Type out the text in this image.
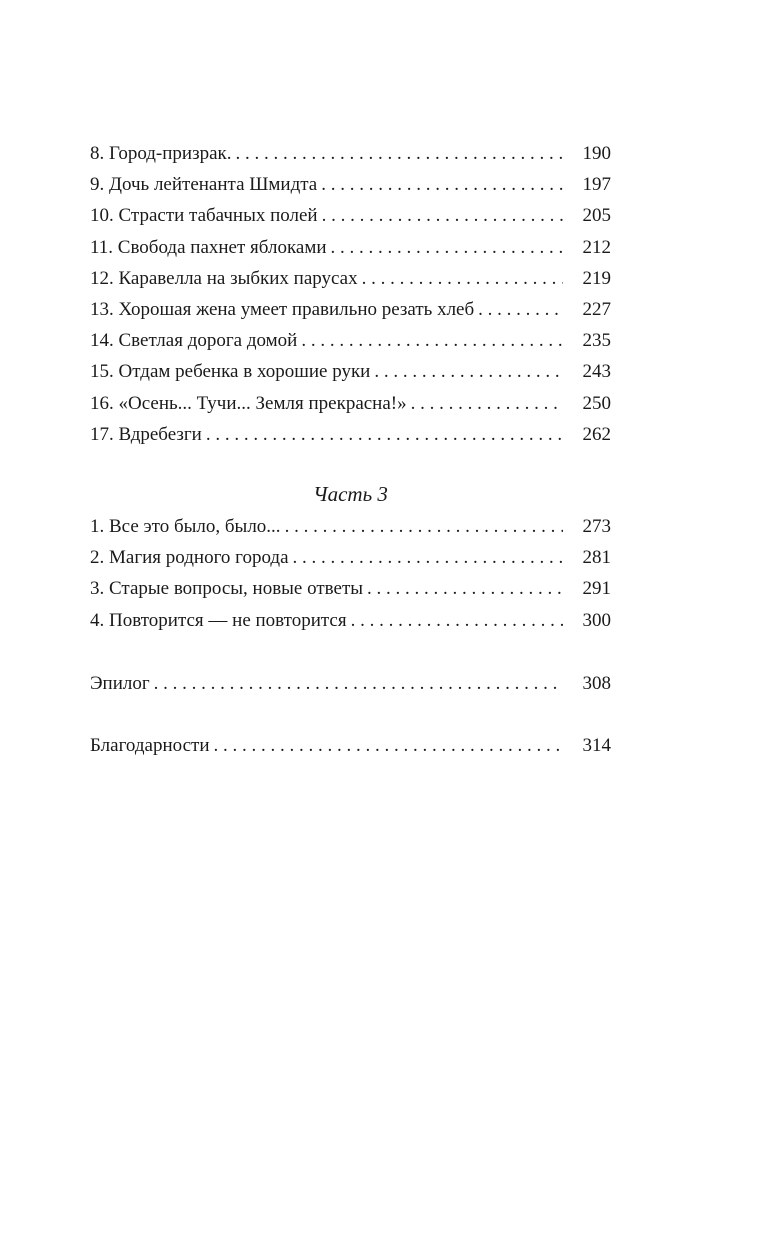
8. Город-призрак. . . .	190
9. Дочь лейтенанта Шмидта . . .	197
10. Страсти табачных полей . . .	205
11. Свобода пахнет яблоками . . .	212
12. Каравелла на зыбких парусах . . .	219
13. Хорошая жена умеет правильно резать хлеб . . .	227
14. Светлая дорога домой . . .	235
15. Отдам ребенка в хорошие руки . . .	243
16. «Осень... Тучи... Земля прекрасна!» . . .	250
17. Вдребезги . . .	262
Часть 3
1. Все это было, было... . . .	273
2. Магия родного города . . .	281
3. Старые вопросы, новые ответы . . .	291
4. Повторится — не повторится . . .	300
Эпилог . . .	308
Благодарности . . .	314
